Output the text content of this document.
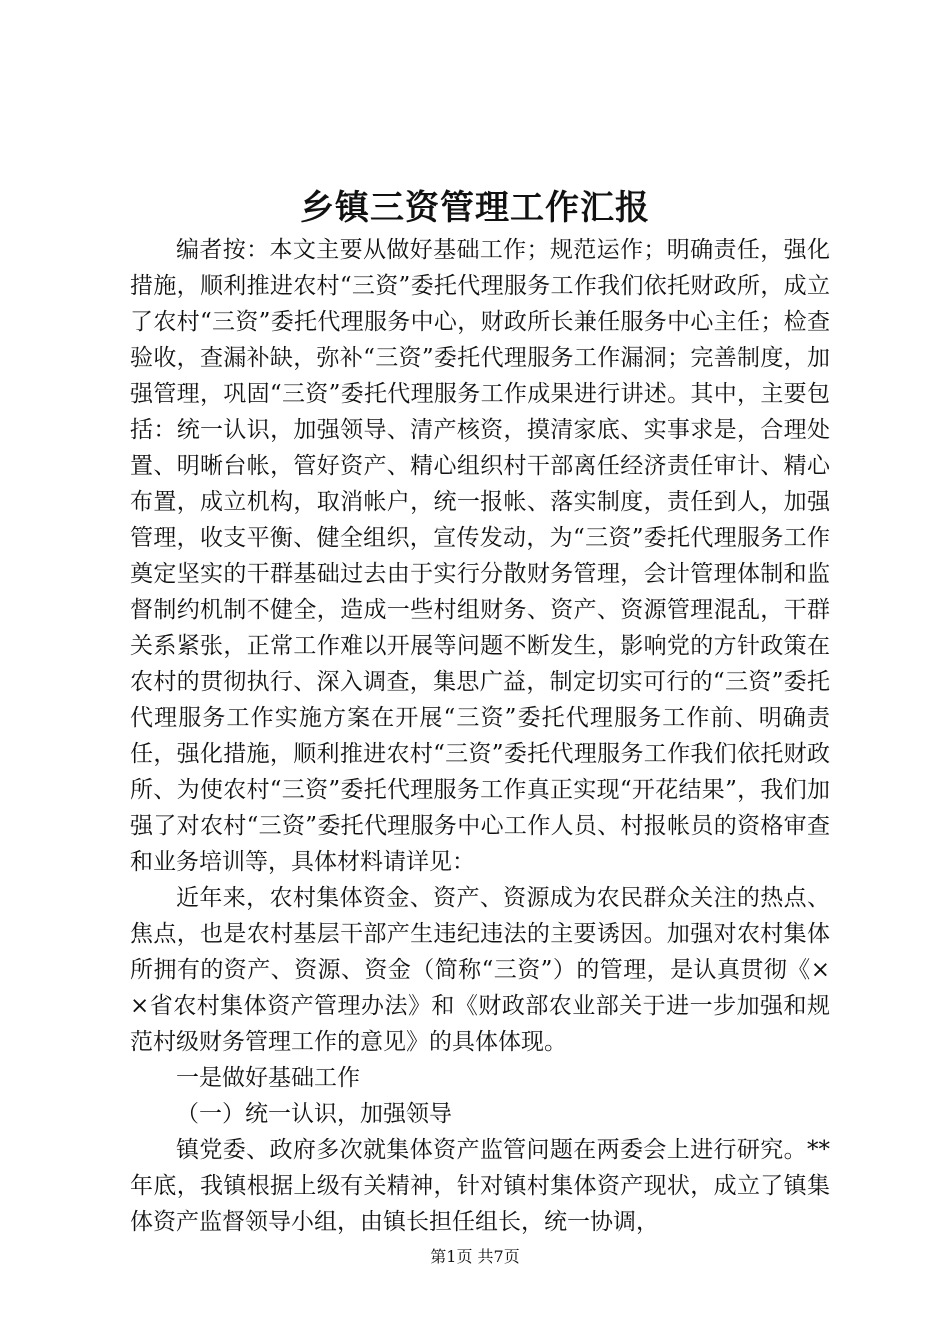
乡镇三资管理工作汇报

编者按：本文主要从做好基础工作；规范运作；明确责任，强化措施，顺利推进农村“三资”委托代理服务工作我们依托财政所，成立了农村“三资”委托代理服务中心，财政所长兼任服务中心主任；检查验收，查漏补缺，弥补“三资”委托代理服务工作漏洞；完善制度，加强管理，巩固“三资”委托代理服务工作成果进行讲述。其中，主要包括：统一认识，加强领导、清产核资，摸清家底、实事求是，合理处置、明晰台帐，管好资产、精心组织村干部离任经济责任审计、精心布置，成立机构，取消帐户，统一报帐、落实制度，责任到人，加强管理，收支平衡、健全组织，宣传发动，为“三资”委托代理服务工作奠定坚实的干群基础过去由于实行分散财务管理，会计管理体制和监督制约机制不健全，造成一些村组财务、资产、资源管理混乱，干群关系紧张，正常工作难以开展等问题不断发生，影响党的方针政策在农村的贯彻执行、深入调查，集思广益，制定切实可行的“三资”委托代理服务工作实施方案在开展“三资”委托代理服务工作前、明确责任，强化措施，顺利推进农村“三资”委托代理服务工作我们依托财政所、为使农村“三资”委托代理服务工作真正实现“开花结果”，我们加强了对农村“三资”委托代理服务中心工作人员、村报帐员的资格审查和业务培训等，具体材料请详见：

近年来，农村集体资金、资产、资源成为农民群众关注的热点、焦点，也是农村基层干部产生违纪违法的主要诱因。加强对农村集体所拥有的资产、资源、资金（简称“三资”）的管理，是认真贯彻《××省农村集体资产管理办法》和《财政部农业部关于进一步加强和规范村级财务管理工作的意见》的具体体现。

一是做好基础工作

（一）统一认识，加强领导

镇党委、政府多次就集体资产监管问题在两委会上进行研究。**年底，我镇根据上级有关精神，针对镇村集体资产现状，成立了镇集体资产监督领导小组，由镇长担任组长，统一协调，

第1页 共7页
